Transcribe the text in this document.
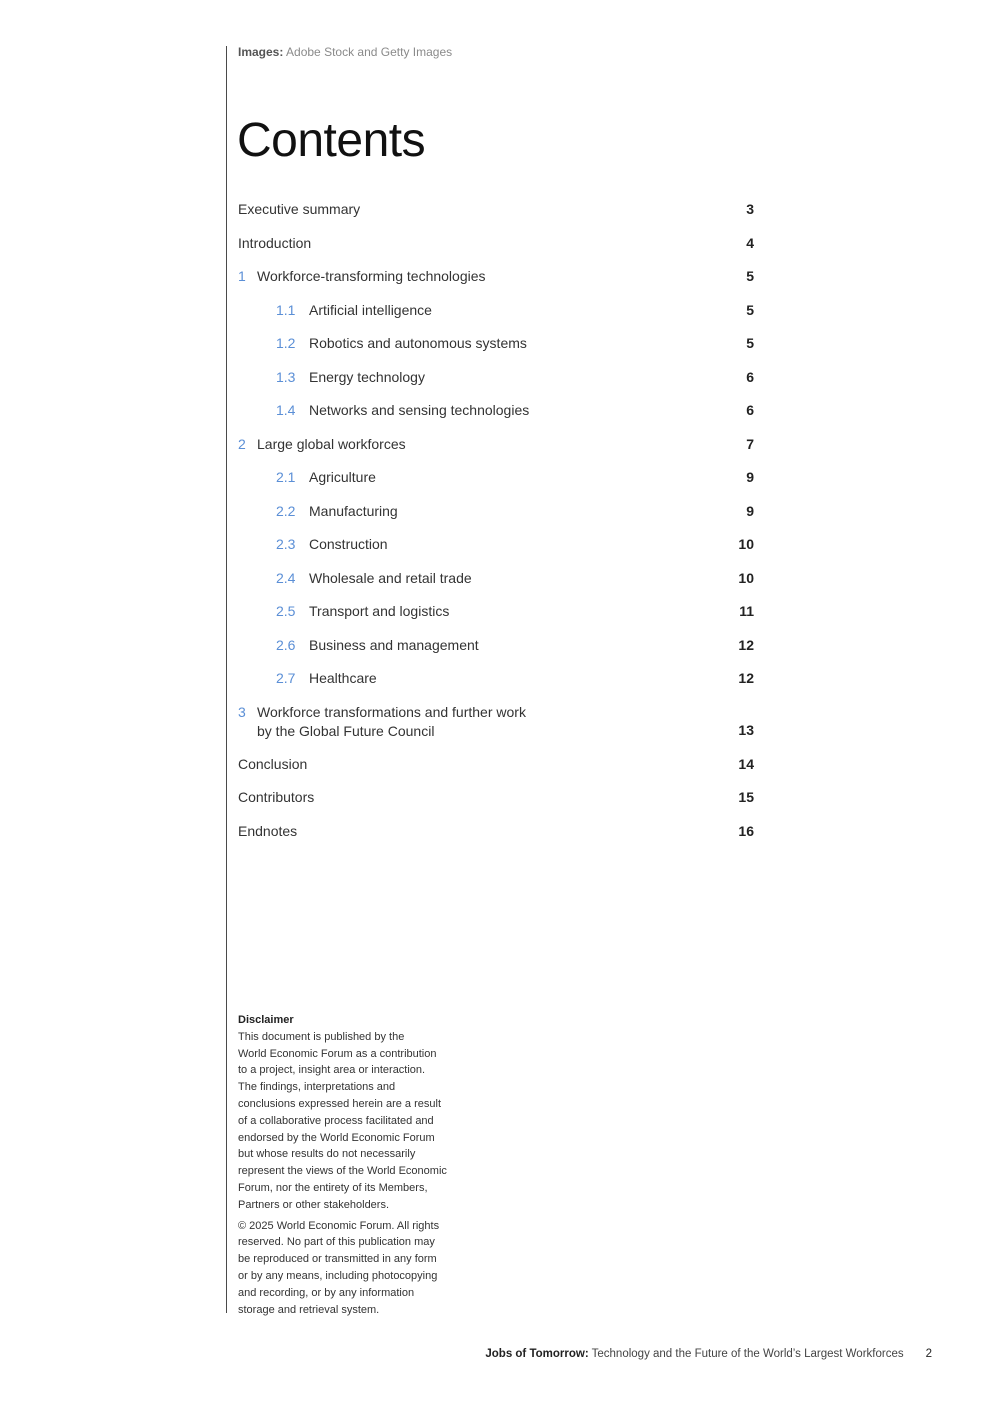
Images: Adobe Stock and Getty Images
Contents
Executive summary	3
Introduction	4
1 Workforce-transforming technologies	5
1.1 Artificial intelligence	5
1.2 Robotics and autonomous systems	5
1.3 Energy technology	6
1.4 Networks and sensing technologies	6
2 Large global workforces	7
2.1 Agriculture	9
2.2 Manufacturing	9
2.3 Construction	10
2.4 Wholesale and retail trade	10
2.5 Transport and logistics	11
2.6 Business and management	12
2.7 Healthcare	12
3 Workforce transformations and further work
by the Global Future Council	13
Conclusion	14
Contributors	15
Endnotes	16

Disclaimer

This document is published by the
World Economic Forum as a contribution
to a project, insight area or interaction.
The findings, interpretations and
conclusions expressed herein are a result
of a collaborative process facilitated and
endorsed by the World Economic Forum
but whose results do not necessarily
represent the views of the World Economic
Forum, nor the entirety of its Members,
Partners or other stakeholders.

© 2025 World Economic Forum. All rights
reserved. No part of this publication may
be reproduced or transmitted in any form
or by any means, including photocopying
and recording, or by any information
storage and retrieval system.

Jobs of Tomorrow: Technology and the Future of the World’s Largest Workforces 2
